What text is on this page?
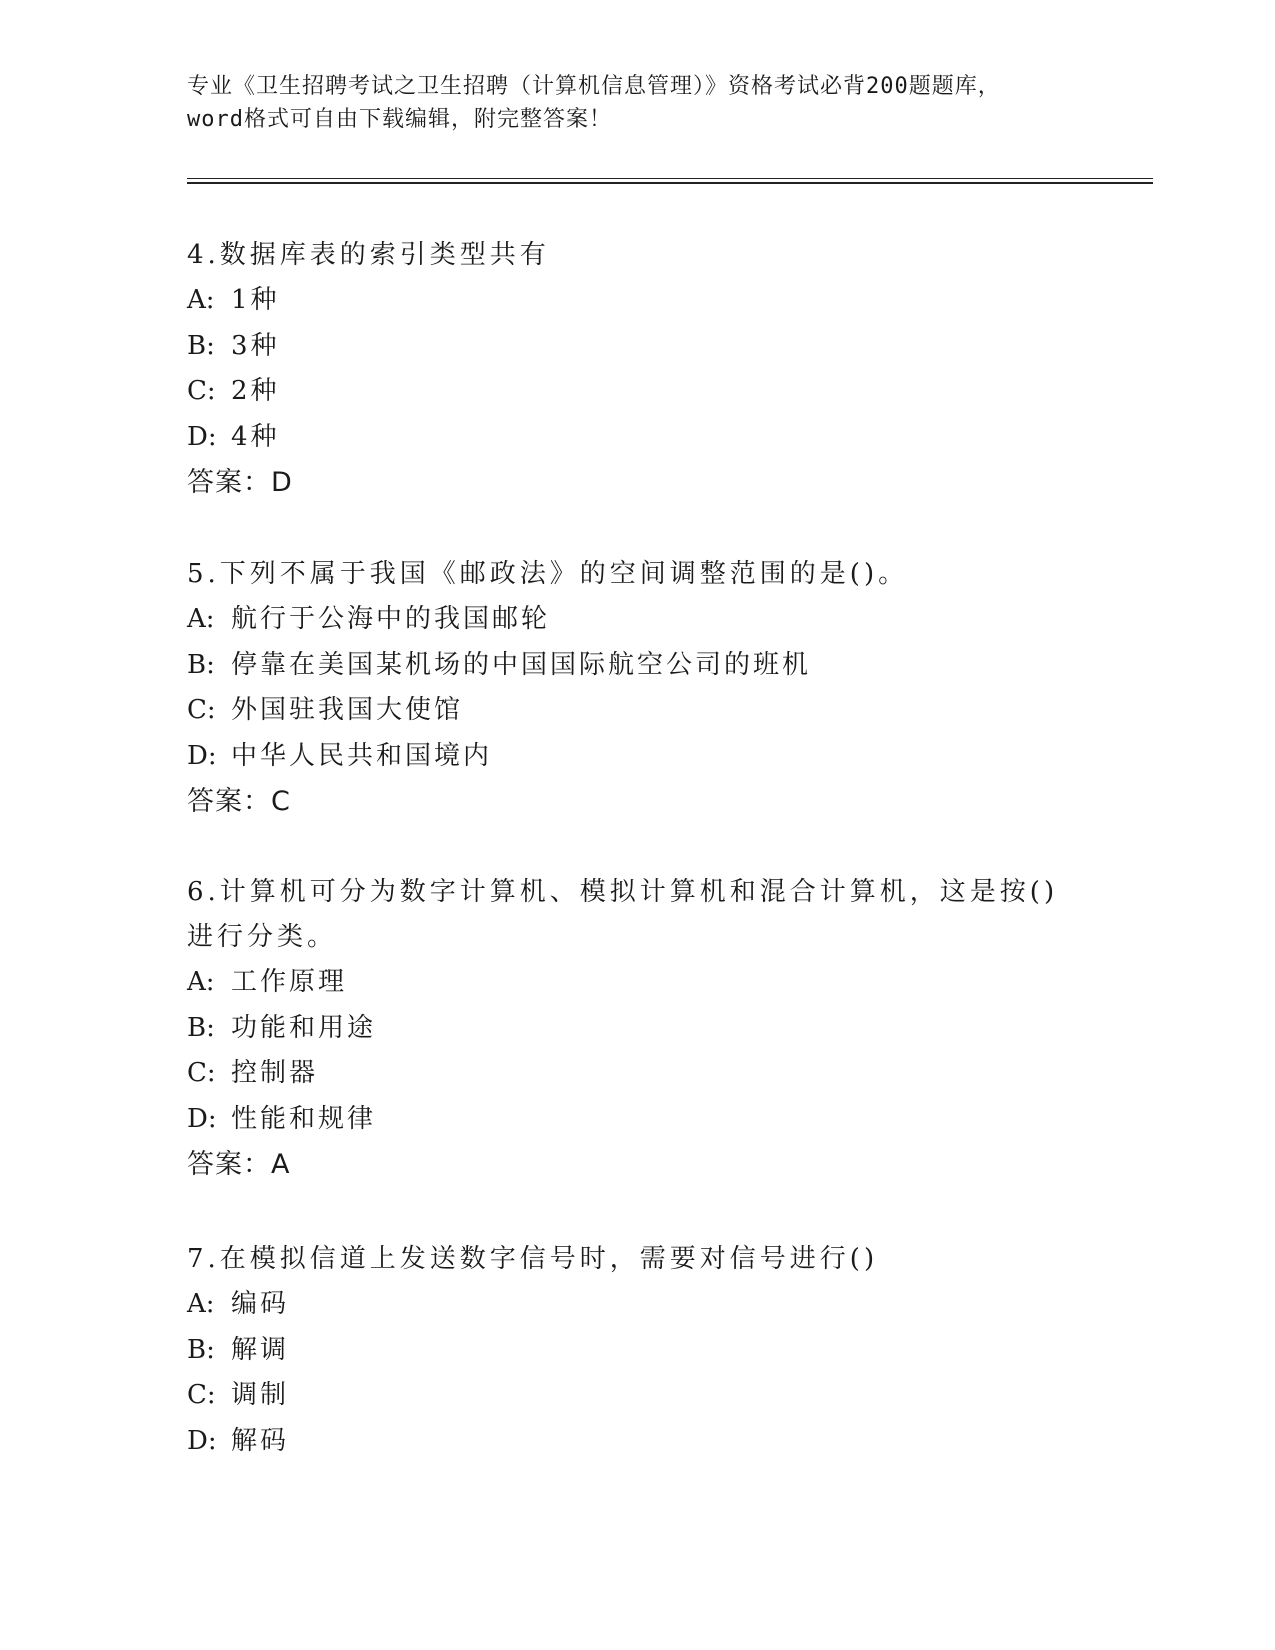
专业《卫生招聘考试之卫生招聘（计算机信息管理）》资格考试必背200题题库，
word格式可自由下载编辑，附完整答案！

4.数据库表的索引类型共有

A: 1种
B: 3种
C: 2种
D: 4种
答案：D

5.下列不属于我国《邮政法》的空间调整范围的是()。

A: 航行于公海中的我国邮轮
B: 停靠在美国某机场的中国国际航空公司的班机
C: 外国驻我国大使馆
D: 中华人民共和国境内
答案：C

6.计算机可分为数字计算机、模拟计算机和混合计算机，这是按()进行分类。

A: 工作原理
B: 功能和用途
C: 控制器
D: 性能和规律
答案：A

7.在模拟信道上发送数字信号时，需要对信号进行()

A: 编码
B: 解调
C: 调制
D: 解码
